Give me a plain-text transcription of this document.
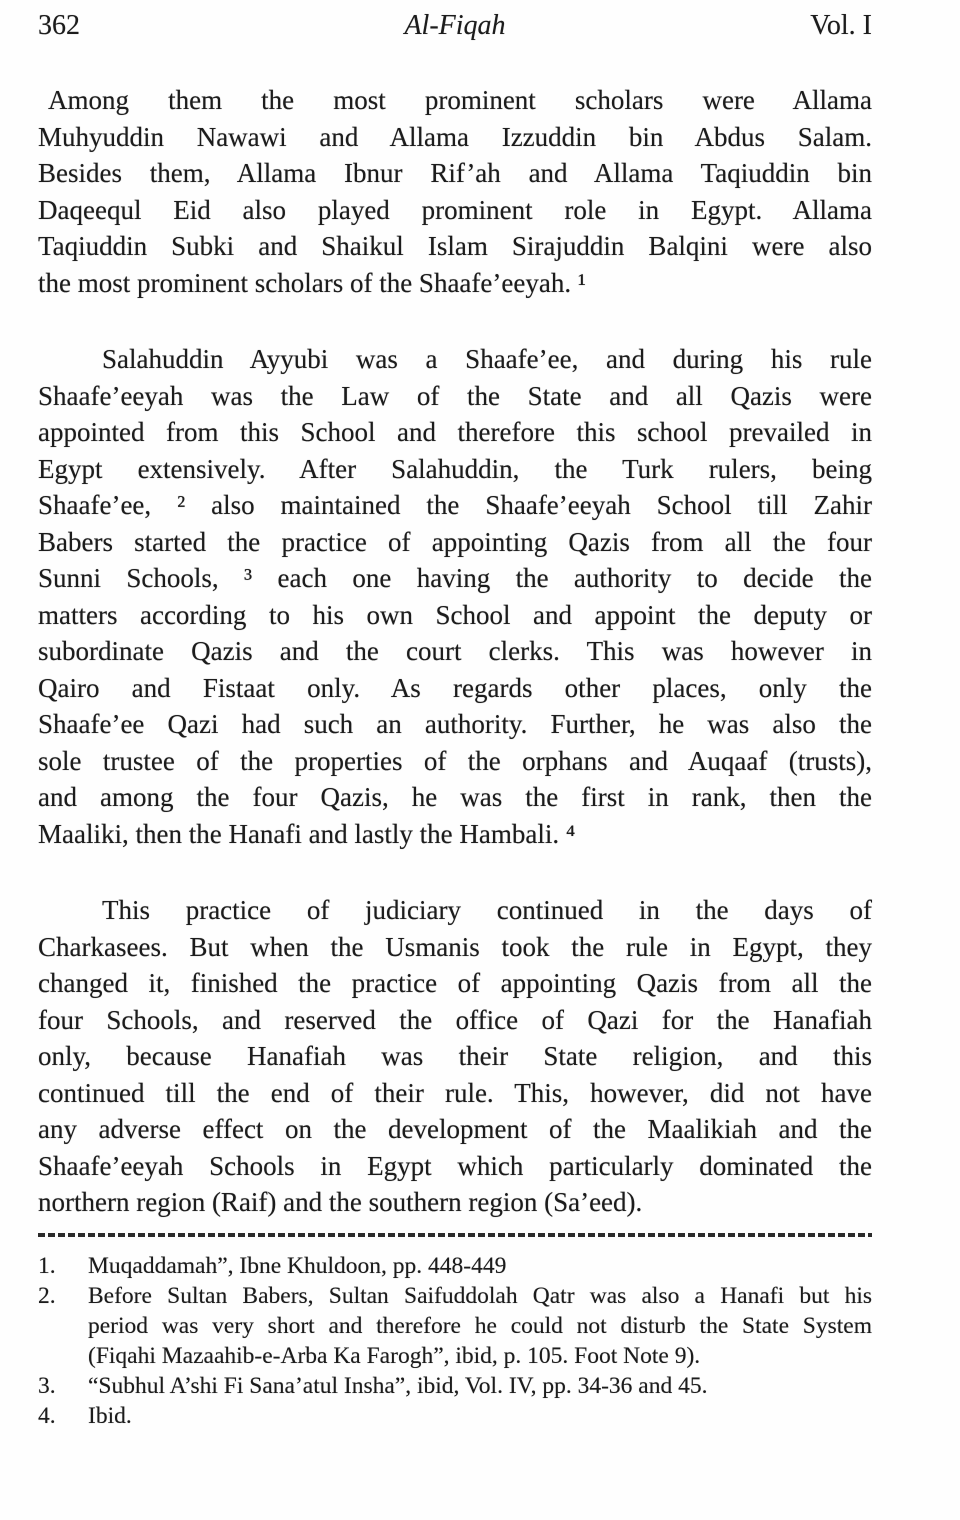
362	Al-Fiqah	Vol. I
Among them the most prominent scholars were Allama
Muhyuddin Nawawi and Allama Izzuddin bin Abdus Salam.
Besides them, Allama Ibnur Rif’ah and Allama Taqiuddin bin
Daqeequl Eid also played prominent role in Egypt. Allama
Taqiuddin Subki and Shaikul Islam Sirajuddin Balqini were also
the most prominent scholars of the Shaafe’eeyah. ¹
Salahuddin Ayyubi was a Shaafe’ee, and during his rule
Shaafe’eeyah was the Law of the State and all Qazis were
appointed from this School and therefore this school prevailed in
Egypt extensively. After Salahuddin, the Turk rulers, being
Shaafe’ee, ² also maintained the Shaafe’eeyah School till Zahir
Babers started the practice of appointing Qazis from all the four
Sunni Schools, ³ each one having the authority to decide the
matters according to his own School and appoint the deputy or
subordinate Qazis and the court clerks. This was however in
Qairo and Fistaat only. As regards other places, only the
Shaafe’ee Qazi had such an authority. Further, he was also the
sole trustee of the properties of the orphans and Auqaaf (trusts),
and among the four Qazis, he was the first in rank, then the
Maaliki, then the Hanafi and lastly the Hambali. ⁴
This practice of judiciary continued in the days of
Charkasees. But when the Usmanis took the rule in Egypt, they
changed it, finished the practice of appointing Qazis from all the
four Schools, and reserved the office of Qazi for the Hanafiah
only, because Hanafiah was their State religion, and this
continued till the end of their rule. This, however, did not have
any adverse effect on the development of the Maalikiah and the
Shaafe’eeyah Schools in Egypt which particularly dominated the
northern region (Raif) and the southern region (Sa’eed).
1.	Muqaddamah”, Ibne Khuldoon, pp. 448-449
2.	Before Sultan Babers, Sultan Saifuddolah Qatr was also a Hanafi but his
period was very short and therefore he could not disturb the State System
(Fiqahi Mazaahib-e-Arba Ka Farogh”, ibid, p. 105. Foot Note 9).
3.	“Subhul A’shi Fi Sana’atul Insha”, ibid, Vol. IV, pp. 34-36 and 45.
4.	Ibid.
